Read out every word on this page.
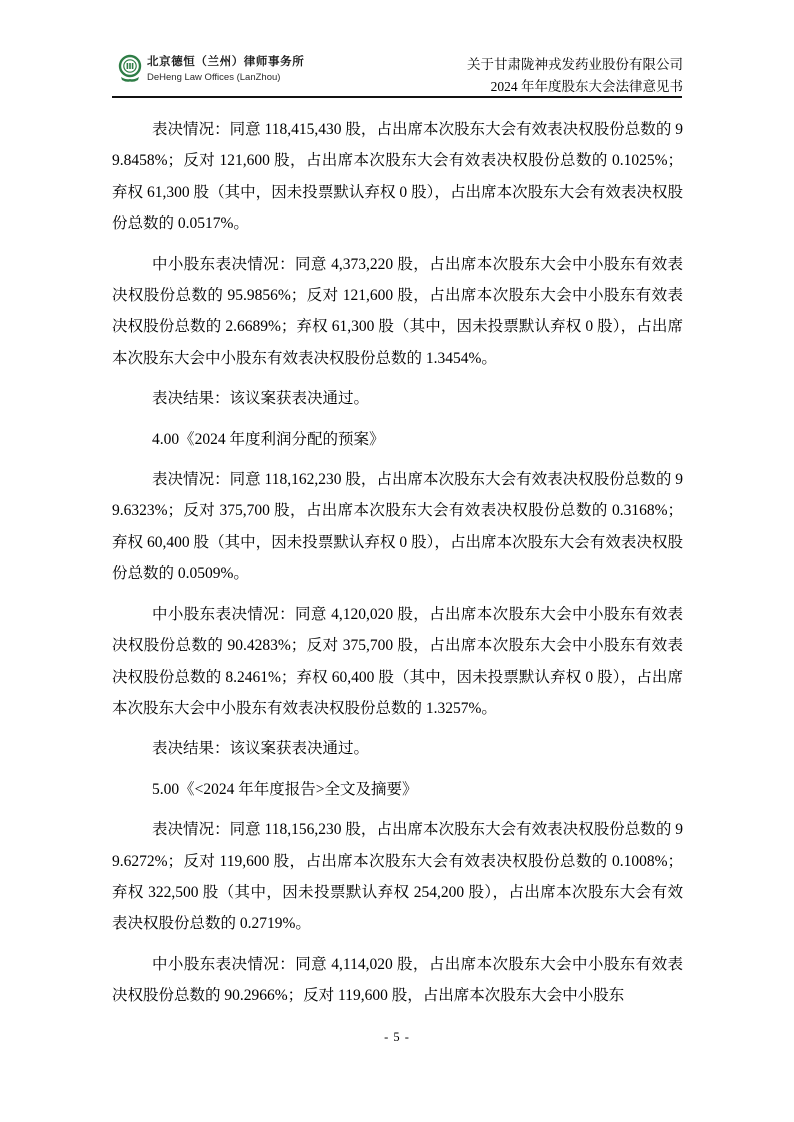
北京德恒（兰州）律师事务所
DeHeng Law Offices (LanZhou)
关于甘肃陇神戎发药业股份有限公司
2024 年年度股东大会法律意见书

表决情况：同意 118,415,430 股，占出席本次股东大会有效表决权股份总数的 99.8458%；反对 121,600 股，占出席本次股东大会有效表决权股份总数的 0.1025%；弃权 61,300 股（其中，因未投票默认弃权 0 股），占出席本次股东大会有效表决权股份总数的 0.0517%。

中小股东表决情况：同意 4,373,220 股，占出席本次股东大会中小股东有效表决权股份总数的 95.9856%；反对 121,600 股，占出席本次股东大会中小股东有效表决权股份总数的 2.6689%；弃权 61,300 股（其中，因未投票默认弃权 0 股），占出席本次股东大会中小股东有效表决权股份总数的 1.3454%。

表决结果：该议案获表决通过。

4.00《2024 年度利润分配的预案》

表决情况：同意 118,162,230 股，占出席本次股东大会有效表决权股份总数的 99.6323%；反对 375,700 股，占出席本次股东大会有效表决权股份总数的 0.3168%；弃权 60,400 股（其中，因未投票默认弃权 0 股），占出席本次股东大会有效表决权股份总数的 0.0509%。

中小股东表决情况：同意 4,120,020 股，占出席本次股东大会中小股东有效表决权股份总数的 90.4283%；反对 375,700 股，占出席本次股东大会中小股东有效表决权股份总数的 8.2461%；弃权 60,400 股（其中，因未投票默认弃权 0 股），占出席本次股东大会中小股东有效表决权股份总数的 1.3257%。

表决结果：该议案获表决通过。

5.00《<2024 年年度报告>全文及摘要》

表决情况：同意 118,156,230 股，占出席本次股东大会有效表决权股份总数的 99.6272%；反对 119,600 股，占出席本次股东大会有效表决权股份总数的 0.1008%；弃权 322,500 股（其中，因未投票默认弃权 254,200 股），占出席本次股东大会有效表决权股份总数的 0.2719%。

中小股东表决情况：同意 4,114,020 股，占出席本次股东大会中小股东有效表决权股份总数的 90.2966%；反对 119,600 股，占出席本次股东大会中小股东

- 5 -
